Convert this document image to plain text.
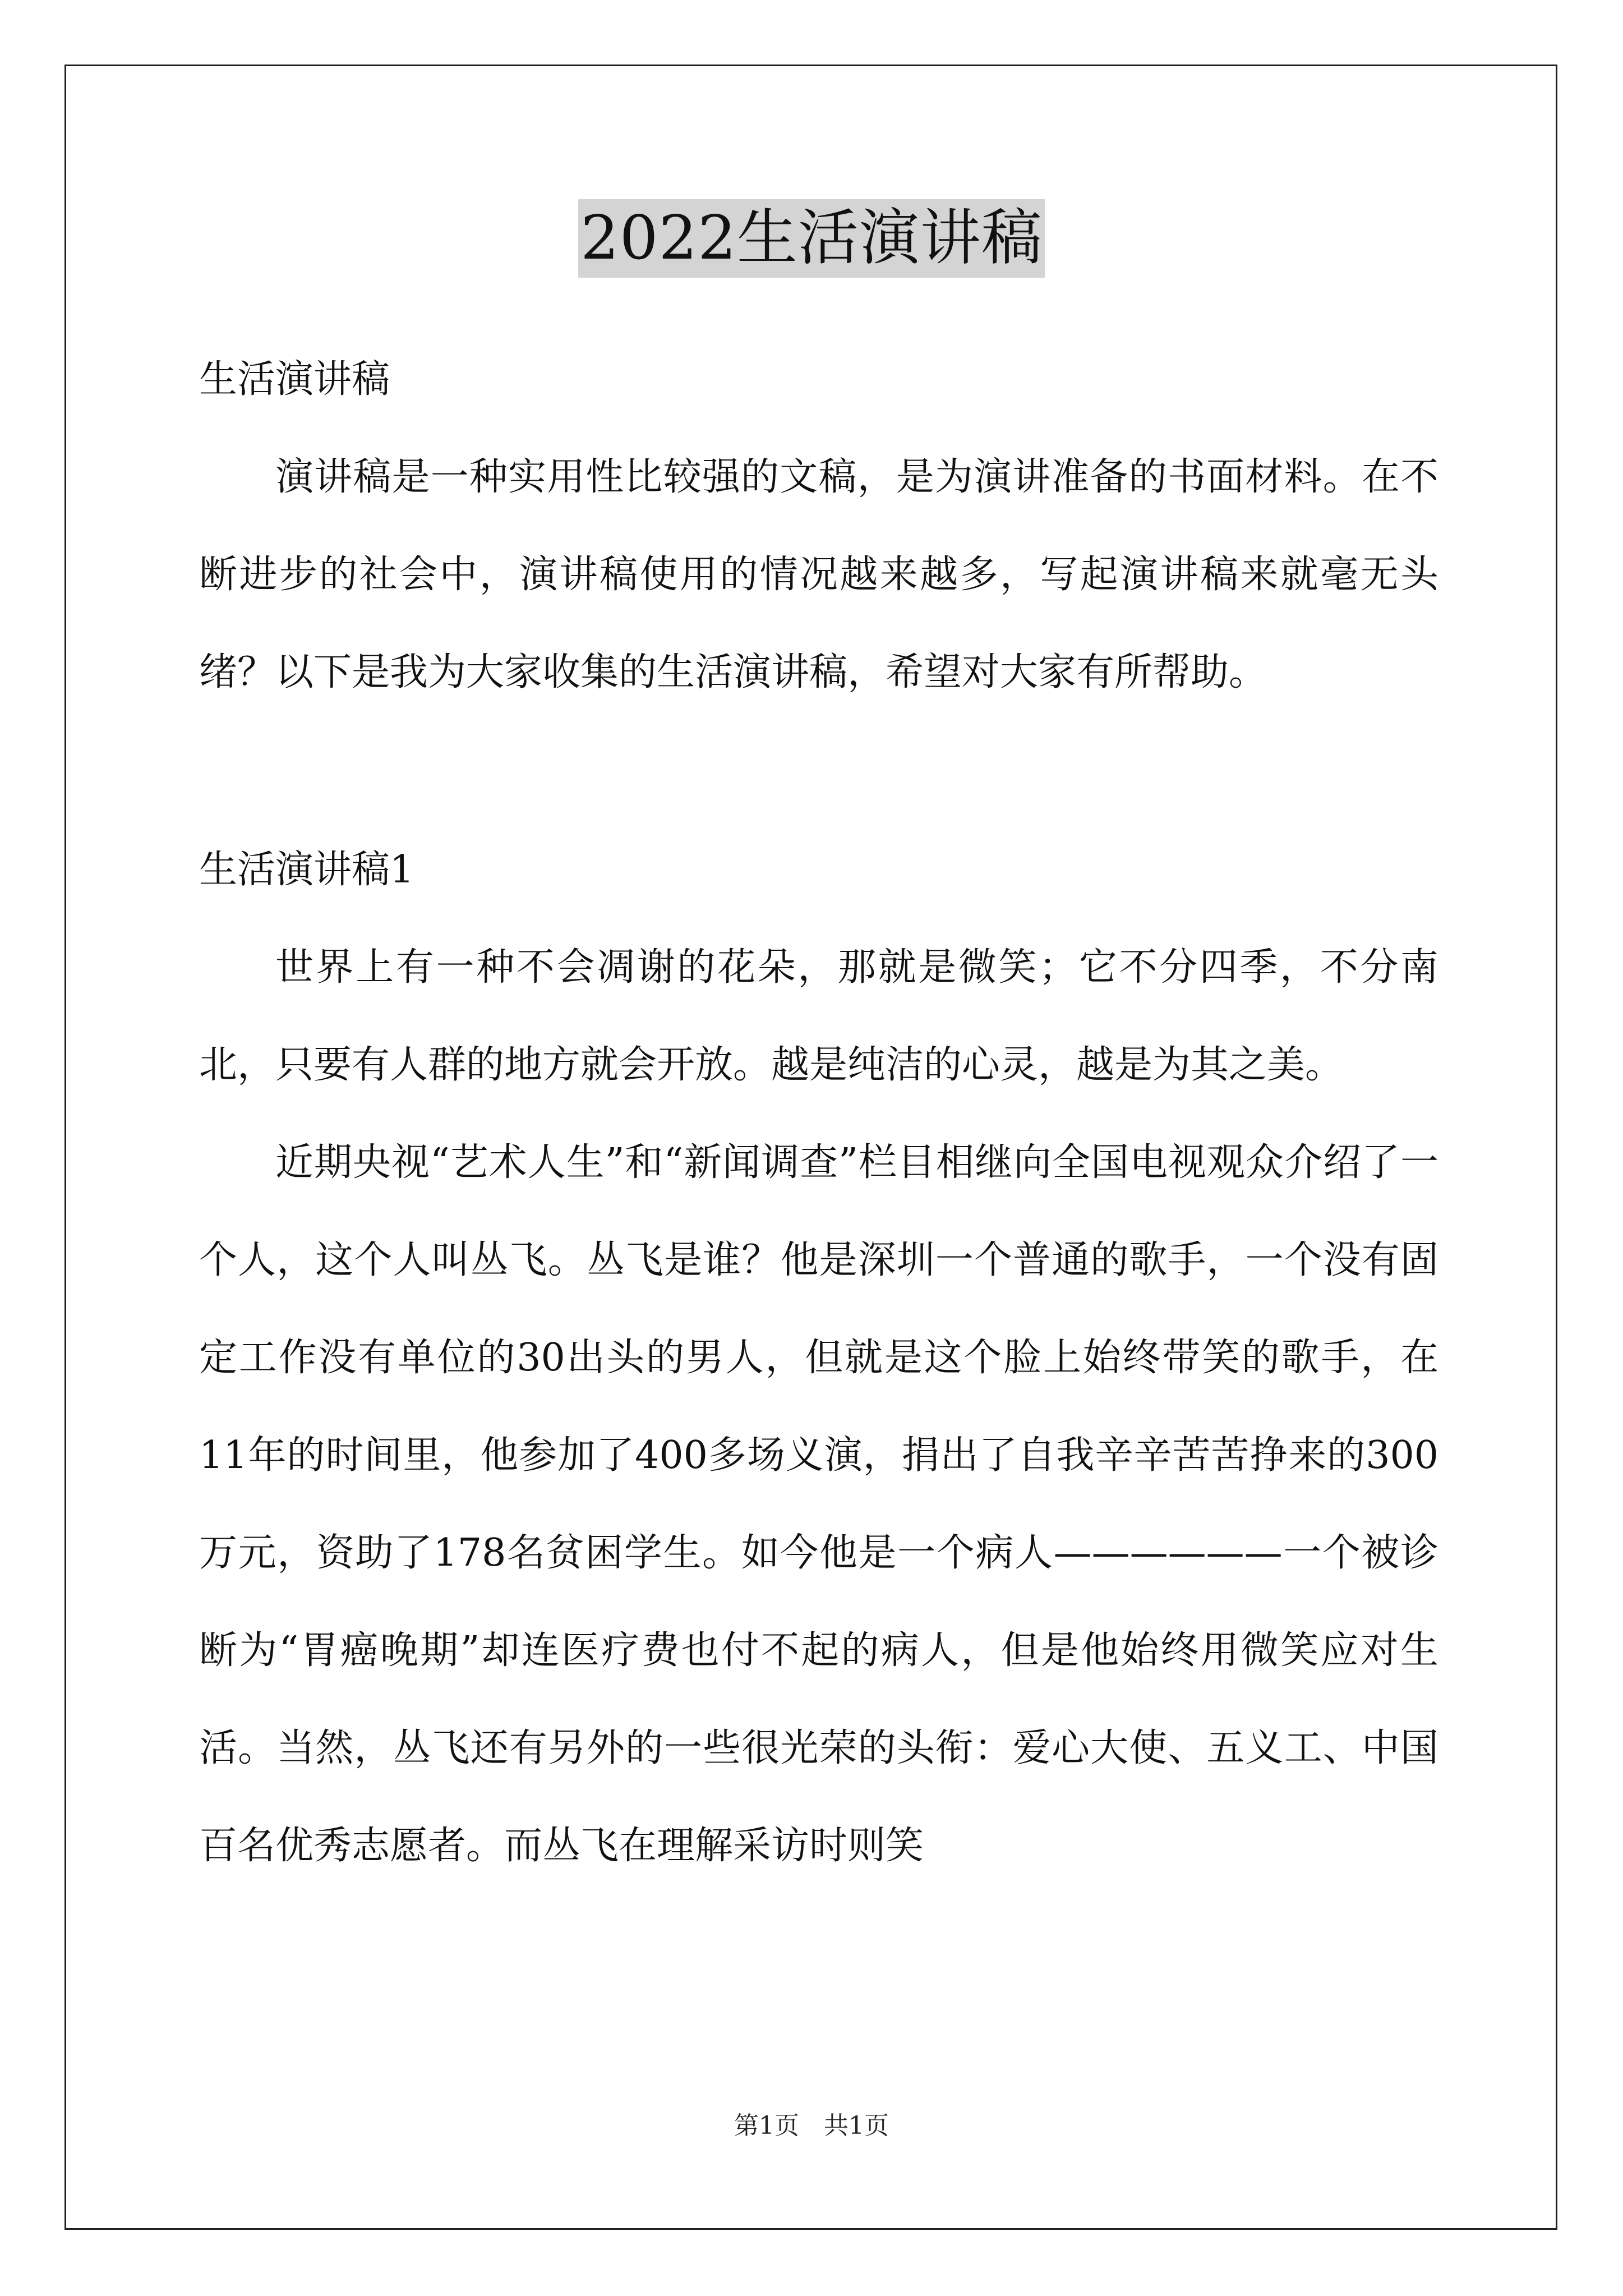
2022生活演讲稿

生活演讲稿

演讲稿是一种实用性比较强的文稿，是为演讲准备的书面材料。在不断进步的社会中，演讲稿使用的情况越来越多，写起演讲稿来就毫无头绪？以下是我为大家收集的生活演讲稿，希望对大家有所帮助。

生活演讲稿1

世界上有一种不会凋谢的花朵，那就是微笑；它不分四季，不分南北，只要有人群的地方就会开放。越是纯洁的心灵，越是为其之美。

近期央视“艺术人生”和“新闻调查”栏目相继向全国电视观众介绍了一个人，这个人叫丛飞。丛飞是谁？他是深圳一个普通的歌手，一个没有固定工作没有单位的30出头的男人，但就是这个脸上始终带笑的歌手，在11年的时间里，他参加了400多场义演，捐出了自我辛辛苦苦挣来的300万元，资助了178名贫困学生。如今他是一个病人——————一个被诊断为“胃癌晚期”却连医疗费也付不起的病人，但是他始终用微笑应对生活。当然，丛飞还有另外的一些很光荣的头衔：爱心大使、五义工、中国百名优秀志愿者。而丛飞在理解采访时则笑

第1页　共1页
